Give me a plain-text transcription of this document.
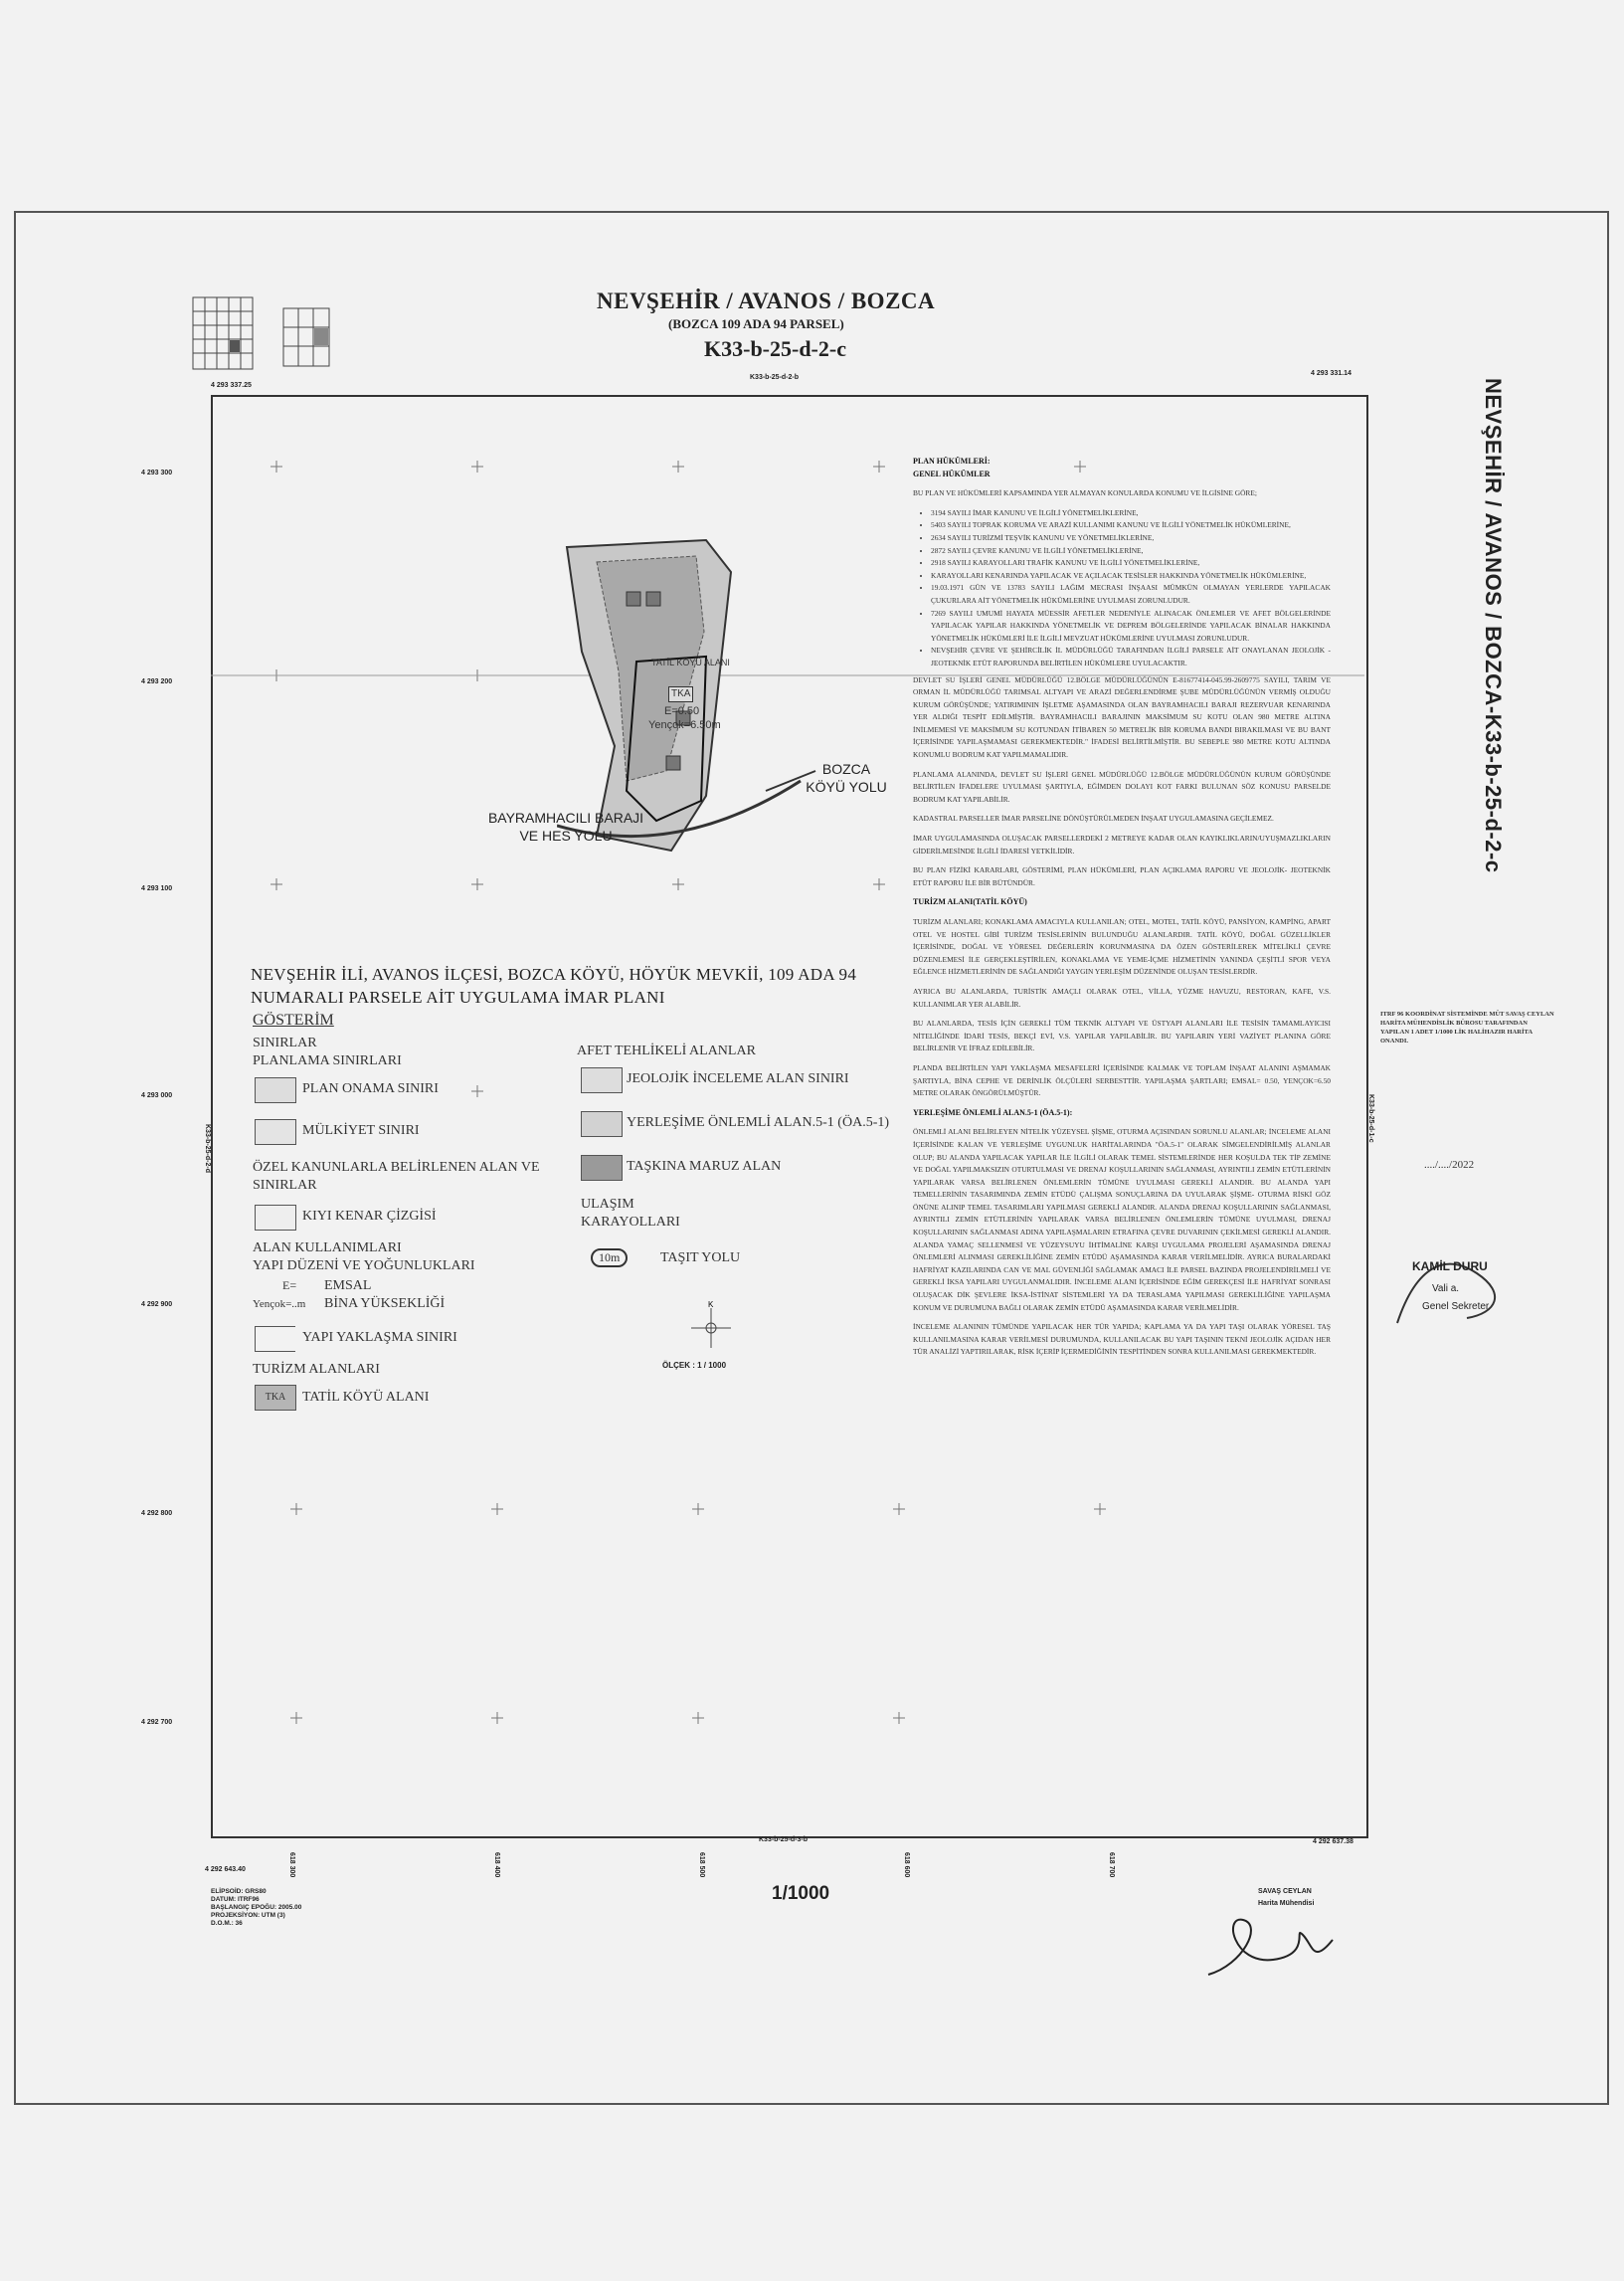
NEVŞEHİR / AVANOS / BOZCA
(BOZCA 109 ADA 94 PARSEL)
K33-b-25-d-2-c
NEVŞEHİR / AVANOS / BOZCA-K33-b-25-d-2-c
K33-b-25-d-2-b
K33-b-25-d-3-b
K33-b-25-d-2-d
K33-b-25-d-1-c
4 293 337.25
4 293 331.14
4 292 643.40
4 292 637.38
4 293 300
4 293 200
4 293 100
4 293 000
4 292 900
4 292 800
4 292 700
618 300	618 400	618 500	618 600	618 700
TATİL KÖYÜ ALANI
TKA
E=0.50
Yençok=6.50m
BOZCA KÖYÜ YOLU
BAYRAMHACILI BARAJI VE HES YOLU
NEVŞEHİR İLİ, AVANOS İLÇESİ, BOZCA KÖYÜ, HÖYÜK MEVKİİ, 109 ADA 94 NUMARALI PARSELE AİT UYGULAMA İMAR PLANI
GÖSTERİM
SINIRLAR
PLANLAMA SINIRLARI
PLAN ONAMA SINIRI
MÜLKİYET SINIRI
ÖZEL KANUNLARLA BELİRLENEN ALAN VE SINIRLAR
KIYI KENAR ÇİZGİSİ
ALAN KULLANIMLARI
YAPI DÜZENİ VE YOĞUNLUKLARI
E= EMSAL
Yençok=..m BİNA YÜKSEKLİĞİ
YAPI YAKLAŞMA SINIRI
TURİZM ALANLARI
TKA	TATİL KÖYÜ ALANI
AFET TEHLİKELİ ALANLAR
JEOLOJİK İNCELEME ALAN SINIRI
YERLEŞİME ÖNLEMLİ ALAN.5-1 (ÖA.5-1)
TAŞKINA MARUZ ALAN
ULAŞIM
KARAYOLLARI
10m	TAŞIT YOLU
K
ÖLÇEK : 1 / 1000

PLAN HÜKÜMLERİ:
GENEL HÜKÜMLER

BU PLAN VE HÜKÜMLERİ KAPSAMINDA YER ALMAYAN KONULARDA KONUMU VE İLGİSİNE GÖRE;

• 3194 SAYILI İMAR KANUNU VE İLGİLİ YÖNETMELİKLERİNE,
• 5403 SAYILI TOPRAK KORUMA VE ARAZİ KULLANIMI KANUNU VE İLGİLİ YÖNETMELİK HÜKÜMLERİNE,
• 2634 SAYILI TURİZMİ TEŞVİK KANUNU VE YÖNETMELİKLERİNE,
• 2872 SAYILI ÇEVRE KANUNU VE İLGİLİ YÖNETMELİKLERİNE,
• 2918 SAYILI KARAYOLLARI TRAFİK KANUNU VE İLGİLİ YÖNETMELİKLERİNE,
• KARAYOLLARI KENARINDA YAPILACAK VE AÇILACAK TESİSLER HAKKINDA YÖNETMELİK HÜKÜMLERİNE,
• 19.03.1971 GÜN VE 13783 SAYILI LAĞIM MECRASI İNŞAASI MÜMKÜN OLMAYAN YERLERDE YAPILACAK ÇUKURLARA AİT YÖNETMELİK HÜKÜMLERİNE UYULMASI ZORUNLUDUR.
• 7269 SAYILI UMUMİ HAYATA MÜESSİR AFETLER NEDENİYLE ALINACAK ÖNLEMLER VE AFET BÖLGELERİNDE YAPILACAK YAPILAR HAKKINDA YÖNETMELİK VE DEPREM BÖLGELERİNDE YAPILACAK BİNALAR HAKKINDA YÖNETMELİK HÜKÜMLERİ İLE İLGİLİ MEVZUAT HÜKÜMLERİNE UYULMASI ZORUNLUDUR.
• NEVŞEHİR ÇEVRE VE ŞEHİRCİLİK İL MÜDÜRLÜĞÜ TARAFINDAN İLGİLİ PARSELE AİT ONAYLANAN JEOLOJİK - JEOTEKNİK ETÜT RAPORUNDA BELİRTİLEN HÜKÜMLERE UYULACAKTIR.

DEVLET SU İŞLERİ GENEL MÜDÜRLÜĞÜ 12.BÖLGE MÜDÜRLÜĞÜNÜN E-81677414-045.99-2609775 SAYILI, TARIM VE ORMAN İL MÜDÜRLÜĞÜ TARIMSAL ALTYAPI VE ARAZİ DEĞERLENDİRME ŞUBE MÜDÜRLÜĞÜNÜN VERMİŞ OLDUĞU KURUM GÖRÜŞÜNDE; YATIRIMININ İŞLETME AŞAMASINDA OLAN BAYRAMHACILI BARAJI REZERVUAR KENARINDA YER ALDIĞI TESPİT EDİLMİŞTİR. BAYRAMHACILI BARAJININ MAKSİMUM SU KOTU OLAN 980 METRE ALTINA İNİLMEMESİ VE MAKSİMUM SU KOTUNDAN İTİBAREN 50 METRELİK BİR KORUMA BANDI BIRAKILMASI VE BU BANT İÇERİSİNDE YAPILAŞMAMASI GEREKMEKTEDİR." İFADESİ BELİRTİLMİŞTİR. BU SEBEPLE 980 METRE KOTU ALTINDA KONUMLU BODRUM KAT YAPILMAMALIDIR.

PLANLAMA ALANINDA, DEVLET SU İŞLERİ GENEL MÜDÜRLÜĞÜ 12.BÖLGE MÜDÜRLÜĞÜNÜN KURUM GÖRÜŞÜNDE BELİRTİLEN İFADELERE UYULMASI ŞARTIYLA, EĞİMDEN DOLAYI KOT FARKI BULUNAN SÖZ KONUSU PARSELDE BODRUM KAT YAPILABİLİR.

KADASTRAL PARSELLER İMAR PARSELİNE DÖNÜŞTÜRÜLMEDEN İNŞAAT UYGULAMASINA GEÇİLEMEZ.

İMAR UYGULAMASINDA OLUŞACAK PARSELLERDEKİ 2 METREYE KADAR OLAN KAYIKLIKLARIN/UYUŞMAZLIKLARIN GİDERİLMESİNDE İLGİLİ İDARESİ YETKİLİDİR.

BU PLAN FİZİKİ KARARLARI, GÖSTERİMİ, PLAN HÜKÜMLERİ, PLAN AÇIKLAMA RAPORU VE JEOLOJİK- JEOTEKNİK ETÜT RAPORU İLE BİR BÜTÜNDÜR.

TURİZM ALANI(TATİL KÖYÜ)

TURİZM ALANLARI; KONAKLAMA AMACIYLA KULLANILAN; OTEL, MOTEL, TATİL KÖYÜ, PANSİYON, KAMPİNG, APART OTEL VE HOSTEL GİBİ TURİZM TESİSLERİNİN BULUNDUĞU ALANLARDIR. TATİL KÖYÜ, DOĞAL GÜZELLİKLER İÇERİSİNDE, DOĞAL VE YÖRESEL DEĞERLERİN KORUNMASINA DA ÖZEN GÖSTERİLEREK MİTELİKLİ ÇEVRE DÜZENLEMESİ İLE GERÇEKLEŞTİRİLEN, KONAKLAMA VE YEME-İÇME HİZMETİNİN YANINDA ÇEŞİTLİ SPOR VEYA EĞLENCE HİZMETLERİNİN DE SAĞLANDIĞI YAYGIN YERLEŞİM DÜZENİNDE OLUŞAN TESİSLERDİR.

AYRICA BU ALANLARDA, TURİSTİK AMAÇLI OLARAK OTEL, VİLLA, YÜZME HAVUZU, RESTORAN, KAFE, V.S. KULLANIMLAR YER ALABİLİR.

BU ALANLARDA, TESİS İÇİN GEREKLİ TÜM TEKNİK ALTYAPI VE ÜSTYAPI ALANLARI İLE TESİSİN TAMAMLAYICISI NİTELİĞİNDE İDARİ TESİS, BEKÇİ EVİ, V.S. YAPILAR YAPILABİLİR. BU YAPILARIN YERİ VAZİYET PLANINA GÖRE BELİRLENİR VE İFRAZ EDİLEBİLİR.

PLANDA BELİRTİLEN YAPI YAKLAŞMA MESAFELERİ İÇERİSİNDE KALMAK VE TOPLAM İNŞAAT ALANINI AŞMAMAK ŞARTIYLA, BİNA CEPHE VE DERİNLİK ÖLÇÜLERİ SERBESTTİR. YAPILAŞMA ŞARTLARI; EMSAL= 0.50, YENÇOK=6.50 METRE OLARAK ÖNGÖRÜLMÜŞTÜR.

YERLEŞİME ÖNLEMLİ ALAN.5-1 (ÖA.5-1):

ÖNLEMLİ ALANI BELİRLEYEN NİTELİK YÜZEYSEL ŞİŞME, OTURMA AÇISINDAN SORUNLU ALANLAR; İNCELEME ALANI İÇERİSİNDE KALAN VE YERLEŞİME UYGUNLUK HARİTALARINDA "ÖA.5-1" OLARAK SİMGELENDİRİLMİŞ ALANLAR OLUP; BU ALANDA YAPILACAK YAPILAR İLE İLGİLİ OLARAK TEMEL SİSTEMLERİNDE HER KOŞULDA TEK TİP ZEMİNE VE DOĞAL YAPILMAKSIZIN OTURTULMASI VE DRENAJ KOŞULLARININ SAĞLANMASI, AYRINTILI ZEMİN ETÜTLERİNİN YAPILARAK VARSA BELİRLENEN ÖNLEMLERİN TÜMÜNE UYULMASI GEREKLİ ALANDIR. BU ALANDA YAPI TEMELLERİNİN TASARIMINDA ZEMİN ETÜDÜ ÇALIŞMA SONUÇLARINA DA UYULARAK ŞİŞME- OTURMA RİSKİ GÖZ ÖNÜNE ALINIP TEMEL TASARIMLARI YAPILMASI GEREKLİ ALANDIR. ALANDA DRENAJ KOŞULLARININ SAĞLANMASI, AYRINTILI ZEMİN ETÜTLERİNİN YAPILARAK VARSA BELİRLENEN ÖNLEMLERİN TÜMÜNE UYULMASI, DRENAJ KOŞULLARININ SAĞLANMASI ADINA YAPILAŞMALARIN ETRAFINA ÇEVRE DUVARININ ÇEKİLMESİ GEREKLİ ALANDIR. ALANDA YAMAÇ SELLENMESİ VE YÜZEYSUYU İHTİMALİNE KARŞI UYGULAMA PROJELERİ AŞAMASINDA DRENAJ ÖNLEMLERİ ALINMASI GEREKLİLİĞİNE ZEMİN ETÜDÜ AŞAMASINDA KARAR VERİLMELİDİR. AYRICA BURALARDAKİ HAFRİYAT KAZILARINDA CAN VE MAL GÜVENLİĞİ SAĞLAMAK AMACI İLE PARSEL BAZINDA PROJELENDİRİLMELİ VE GEREKLİ İKSA YAPILARI UYGULANMALIDIR. İNCELEME ALANI İÇERİSİNDE EĞİM GEREKÇESİ İLE HAFRİYAT SONRASI OLUŞACAK DİK ŞEVLERE İKSA-İSTİNAT SİSTEMLERİ YA DA TERASLAMA YAPILMASI GEREKLİLİĞİNE YAPILAŞMA KONUM VE DURUMUNA BAĞLI OLARAK ZEMİN ETÜDÜ AŞAMASINDA KARAR VERİLMELİDİR.

İNCELEME ALANININ TÜMÜNDE YAPILACAK HER TÜR YAPIDA; KAPLAMA YA DA YAPI TAŞI OLARAK YÖRESEL TAŞ KULLANILMASINA KARAR VERİLMESİ DURUMUNDA, KULLANILACAK BU YAPI TAŞININ TEKNİ JEOLOJİK AÇIDAN HER TÜR ANALİZİ YAPTIRILARAK, RİSK İÇERİP İÇERMEDİĞİNİN TESPİTİNDEN SONRA KULLANILMASI GEREKMEKTEDİR.

ITRF 96 KOORDİNAT SİSTEMİNDE MÜT SAVAŞ CEYLAN HARİTA MÜHENDİSLİK BÜROSU TARAFINDAN YAPILAN 1 ADET 1/1000 LİK HALİHAZIR HARİTA ONANDI.
..../..../2022
KAMİL DURU
Vali a.
Genel Sekreter
1/1000
ELİPSOİD: GRS80
DATUM: ITRF96
BAŞLANGIÇ EPOĞU: 2005.00
PROJEKSİYON: UTM (3)
D.O.M.: 36
SAVAŞ CEYLAN
Harita Mühendisi
